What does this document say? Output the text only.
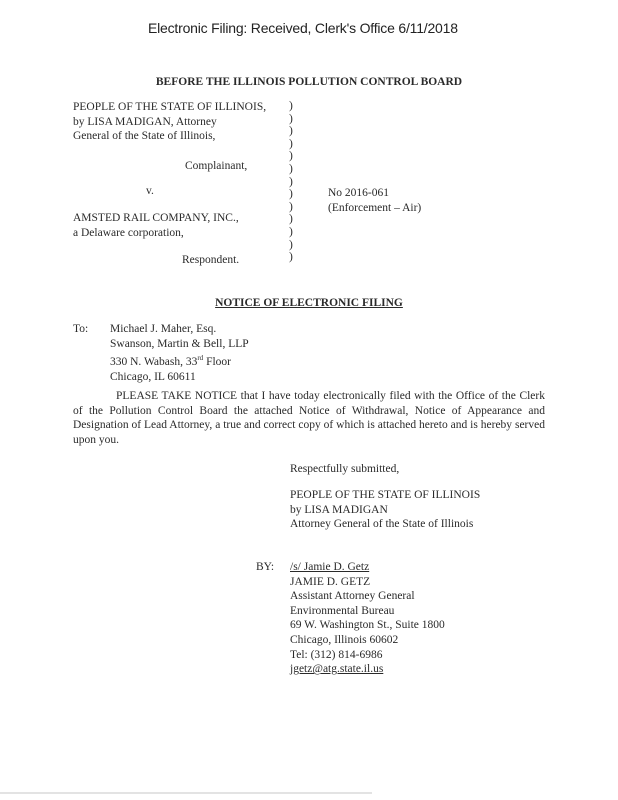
Electronic Filing: Received, Clerk's Office 6/11/2018
BEFORE THE ILLINOIS POLLUTION CONTROL BOARD
PEOPLE OF THE STATE OF ILLINOIS,
by LISA MADIGAN, Attorney
General of the State of Illinois,
Complainant,
v.
AMSTED RAIL COMPANY, INC.,
a Delaware corporation,
Respondent.
)
)
)
)
)
)
)
)
)
)
)
)
)
No 2016-061
(Enforcement – Air)
NOTICE OF ELECTRONIC FILING
To: Michael J. Maher, Esq.
Swanson, Martin & Bell, LLP
330 N. Wabash, 33rd Floor
Chicago, IL 60611
PLEASE TAKE NOTICE that I have today electronically filed with the Office of the Clerk of the Pollution Control Board the attached Notice of Withdrawal, Notice of Appearance and Designation of Lead Attorney, a true and correct copy of which is attached hereto and is hereby served upon you.
Respectfully submitted,
PEOPLE OF THE STATE OF ILLINOIS
by LISA MADIGAN
Attorney General of the State of Illinois
BY: /s/ Jamie D. Getz
JAMIE D. GETZ
Assistant Attorney General
Environmental Bureau
69 W. Washington St., Suite 1800
Chicago, Illinois 60602
Tel: (312) 814-6986
jgetz@atg.state.il.us
